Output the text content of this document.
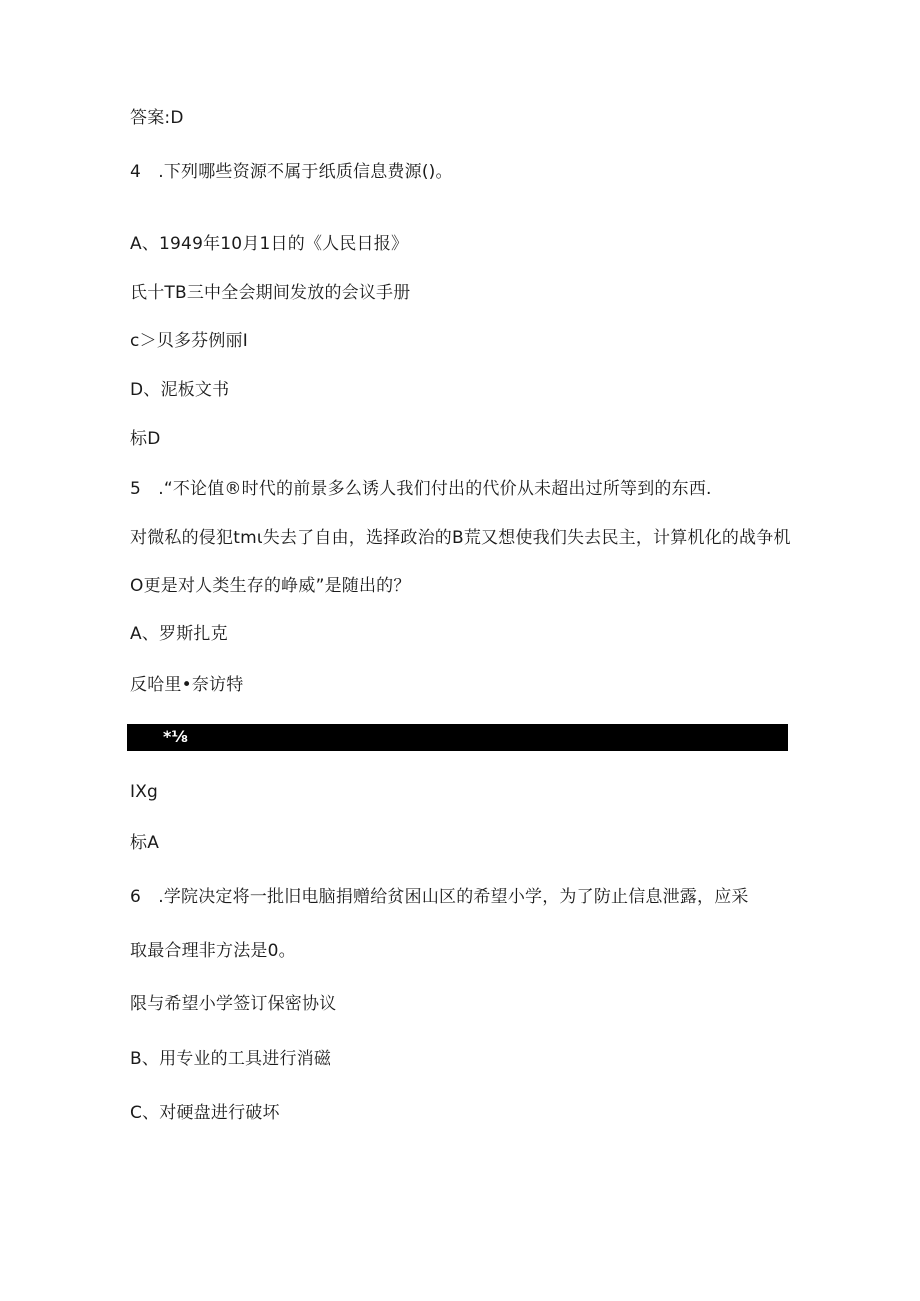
答案:D
4　.下列哪些资源不属于纸质信息费源()。
A、1949年10月1日的《人民日报》
氏十TB三中全会期间发放的会议手册
c＞贝多芬例丽I
D、泥板文书
标D
5　.“不论值®时代的前景多么诱人我们付出的代价从未超出过所等到的东西.
对微私的侵犯tmι失去了自由，选择政治的B荒又想使我们失去民主，计算机化的战争机
O更是对人类生存的峥威”是随出的？
A、罗斯扎克
反哈里•奈访特
*⅛
IXg
标A
6　.学院决定将一批旧电脑捐赠给贫困山区的希望小学，为了防止信息泄露，应采
取最合理非方法是0。
限与希望小学签订保密协议
B、用专业的工具进行消磁
C、对硬盘进行破坏
